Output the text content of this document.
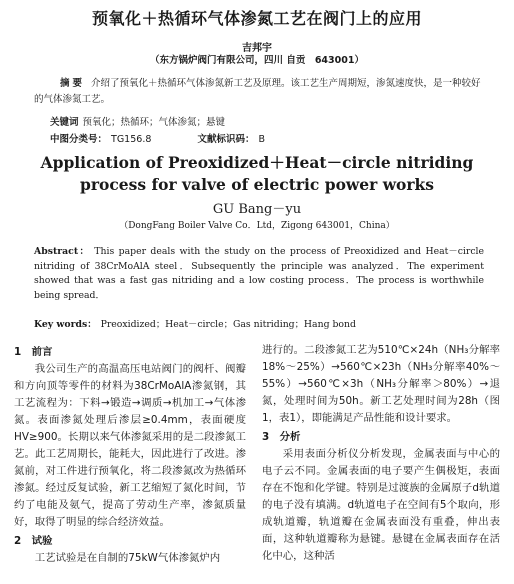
预氧化＋热循环气体渗氮工艺在阀门上的应用
吉邦宇
（东方锅炉阀门有限公司，四川 自贡　643001）
摘要 介绍了预氧化＋热循环气体渗氮新工艺及原理。该工艺生产周期短，渗氮速度快，是一种较好的气体渗氮工艺。
关键词 预氧化；热循环；气体渗氮；悬键
中图分类号： TG156.8	文献标识码： B
Application of Preoxidized＋Heat－circle nitriding
process for valve of electric power works
GU Bang－yu
（DongFang Boiler Valve Co．Ltd，Zigong 643001，China）
Abstract： This paper deals with the study on the process of Preoxidized and Heat－circle nitriding of 38CrMoAlA steel．Subsequently the principle was analyzed．The experiment showed that was a fast gas nitriding and a low costing process．The process is worthwhile being spread．
Key words： Preoxidized；Heat－circle；Gas nitriding；Hang bond

1　前言

我公司生产的高温高压电站阀门的阀杆、阀瓣和方向顶等零件的材料为38CrMoAlA渗氮钢，其工艺流程为：下料→锻造→调质→机加工→气体渗氮。表面渗氮处理后渗层≥0.4mm，表面硬度HV≥900。长期以来气体渗氮采用的是二段渗氮工艺。此工艺周期长，能耗大，因此进行了改进。渗氮前，对工件进行预氧化，将二段渗氮改为热循环渗氮。经过反复试验，新工艺缩短了氮化时间，节约了电能及氨气，提高了劳动生产率，渗氮质量好，取得了明显的综合经济效益。

2　试验

工艺试验是在自制的75kW气体渗氮炉内

进行的。二段渗氮工艺为510℃×24h（NH₃分解率18%～25%）→560℃×23h（NH₃分解率40%～55%）→560℃×3h（NH₃分解率＞80%）→退氮，处理时间为50h。新工艺处理时间为28h（图1，表1），即能满足产品性能和设计要求。

3　分析

采用表面分析仪分析发现，金属表面与中心的电子云不同。金属表面的电子要产生偶极矩，表面存在不饱和化学键。特别是过渡族的金属原子d轨道的电子没有填满。d轨道电子在空间有5个取向，形成轨道瓣，轨道瓣在金属表面没有重叠，伸出表面，这种轨道瓣称为悬键。悬键在金属表面存在活化中心，这种活
